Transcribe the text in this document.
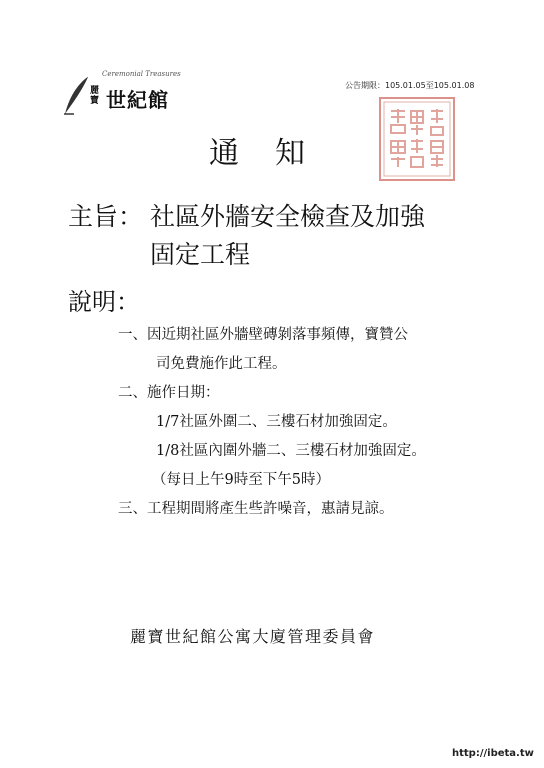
Ceremonial Treasures
麗寶 世紀館
公告期限：105.01.05至105.01.08
通知
主旨： 社區外牆安全檢查及加強
固定工程
說明：
一、因近期社區外牆壁磚剝落事頻傳，寶贊公
司免費施作此工程。
二、施作日期：
1/7社區外圍二、三樓石材加強固定。
1/8社區內圍外牆二、三樓石材加強固定。
（每日上午9時至下午5時）
三、工程期間將產生些許噪音，惠請見諒。
麗寶世紀館公寓大廈管理委員會
http://ibeta.tw
